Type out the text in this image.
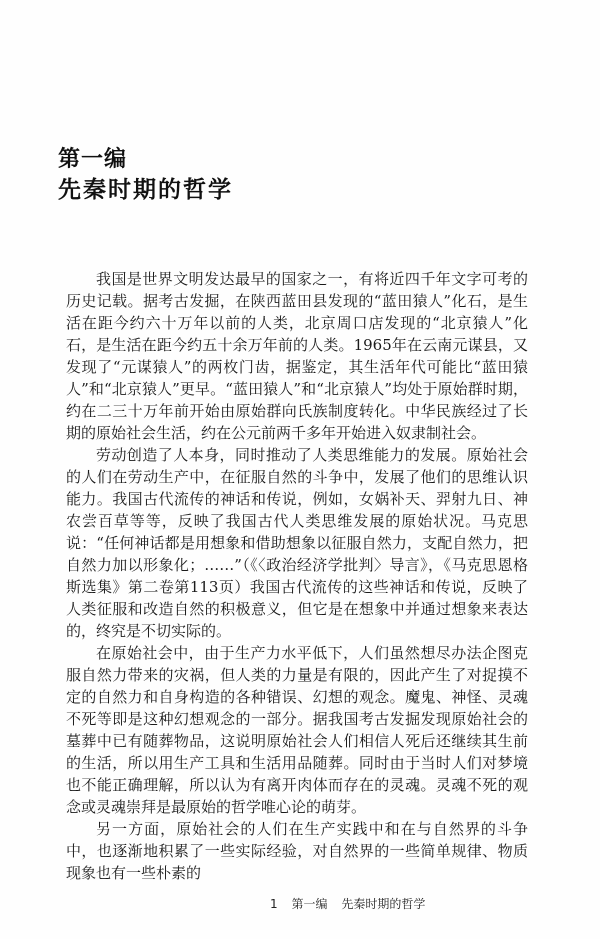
第一编
先秦时期的哲学

我国是世界文明发达最早的国家之一，有将近四千年文字可考的历史记载。据考古发掘，在陕西蓝田县发现的“蓝田猿人”化石，是生活在距今约六十万年以前的人类，北京周口店发现的“北京猿人”化石，是生活在距今约五十余万年前的人类。1965年在云南元谋县，又发现了“元谋猿人”的两枚门齿，据鉴定，其生活年代可能比“蓝田猿人”和“北京猿人”更早。“蓝田猿人”和“北京猿人”均处于原始群时期，约在二三十万年前开始由原始群向氏族制度转化。中华民族经过了长期的原始社会生活，约在公元前两千多年开始进入奴隶制社会。

劳动创造了人本身，同时推动了人类思维能力的发展。原始社会的人们在劳动生产中，在征服自然的斗争中，发展了他们的思维认识能力。我国古代流传的神话和传说，例如，女娲补天、羿射九日、神农尝百草等等，反映了我国古代人类思维发展的原始状况。马克思说：“任何神话都是用想象和借助想象以征服自然力，支配自然力，把自然力加以形象化；……”（《〈政治经济学批判〉导言》，《马克思恩格斯选集》第二卷第113页）我国古代流传的这些神话和传说，反映了人类征服和改造自然的积极意义，但它是在想象中并通过想象来表达的，终究是不切实际的。

在原始社会中，由于生产力水平低下，人们虽然想尽办法企图克服自然力带来的灾祸，但人类的力量是有限的，因此产生了对捉摸不定的自然力和自身构造的各种错误、幻想的观念。魔鬼、神怪、灵魂不死等即是这种幻想观念的一部分。据我国考古发掘发现原始社会的墓葬中已有随葬物品，这说明原始社会人们相信人死后还继续其生前的生活，所以用生产工具和生活用品随葬。同时由于当时人们对梦境也不能正确理解，所以认为有离开肉体而存在的灵魂。灵魂不死的观念或灵魂崇拜是最原始的哲学唯心论的萌芽。

另一方面，原始社会的人们在生产实践中和在与自然界的斗争中，也逐渐地积累了一些实际经验，对自然界的一些简单规律、物质现象也有一些朴素的

1 第一编 先秦时期的哲学
